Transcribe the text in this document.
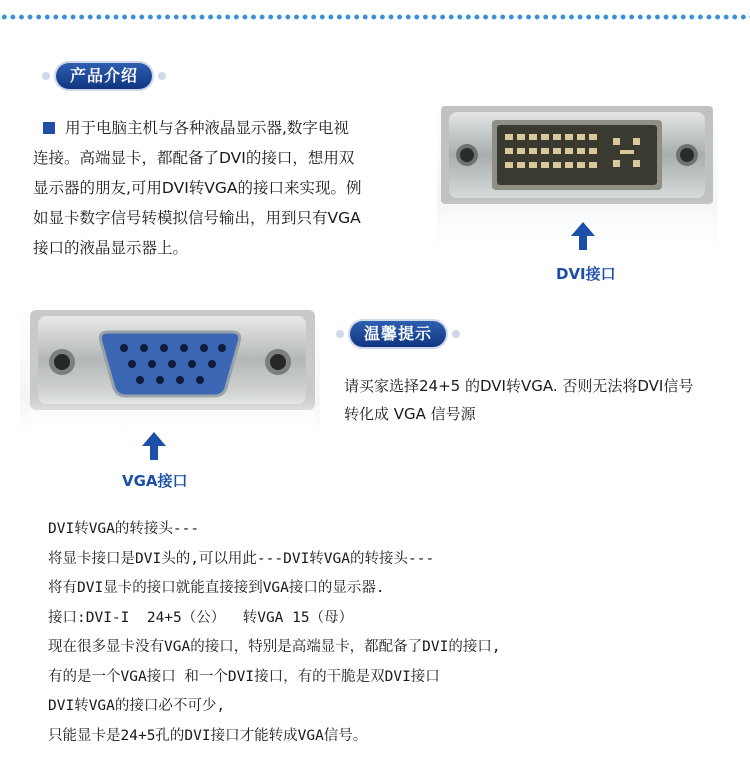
产品介绍
用于电脑主机与各种液晶显示器,数字电视
连接。高端显卡，都配备了DVI的接口，想用双
显示器的朋友,可用DVI转VGA的接口来实现。例
如显卡数字信号转模拟信号输出，用到只有VGA
接口的液晶显示器上。
DVI接口
VGA接口
温馨提示
请买家选择24+5 的DVI转VGA. 否则无法将DVI信号
转化成 VGA 信号源
DVI转VGA的转接头---
将显卡接口是DVI头的,可以用此---DVI转VGA的转接头---
将有DVI显卡的接口就能直接接到VGA接口的显示器.
接口:DVI-I  24+5（公）  转VGA 15（母）
现在很多显卡没有VGA的接口，特别是高端显卡，都配备了DVI的接口,
有的是一个VGA接口 和一个DVI接口，有的干脆是双DVI接口
DVI转VGA的接口必不可少,
只能显卡是24+5孔的DVI接口才能转成VGA信号。
